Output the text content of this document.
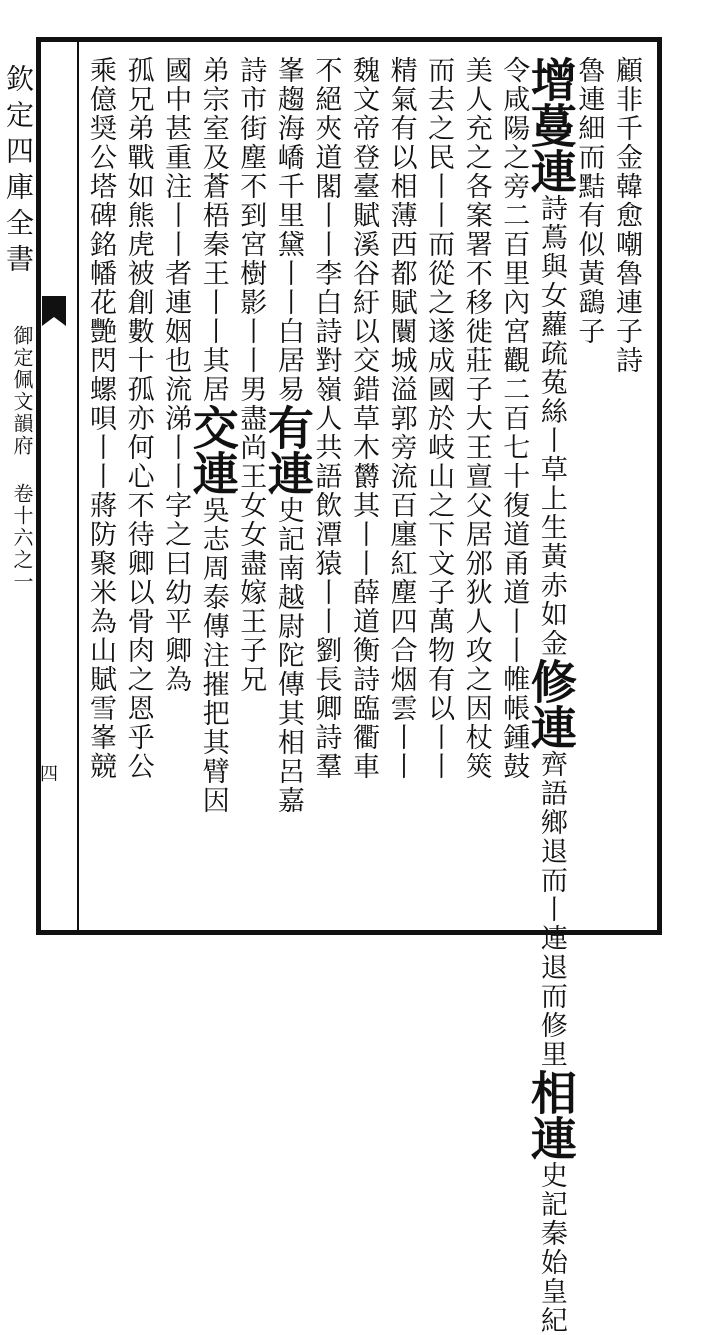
欽定四庫全書
御定佩文韻府 卷十六之一
四
顧非千金韓愈嘲魯連子詩
魯連細而黠有似黃鷂子
增蔓連詩蔦與女蘿疏菟絲丨草上生黃赤如金修連齊語鄉退而丨連退而修里相連史記秦始皇紀
令咸陽之旁二百里內宮觀二百七十復道甬道丨丨帷帳鍾鼓
美人充之各案署不移徙莊子大王亶父居邠狄人攻之因杖筴
而去之民丨丨而從之遂成國於岐山之下文子萬物有以丨丨
精氣有以相薄西都賦闤城溢郭旁流百廛紅塵四合烟雲丨丨
魏文帝登臺賦溪谷紆以交錯草木欝其丨丨薛道衡詩臨衢車
不絕夾道閣丨丨李白詩對嶺人共語飲潭猿丨丨劉長卿詩羣
峯趨海嶠千里黛丨丨白居易有連史記南越尉陀傳其相呂嘉
詩市街塵不到宮樹影丨丨男盡尚王女女盡嫁王子兄
弟宗室及蒼梧秦王丨丨其居交連吳志周泰傳注摧把其臂因
國中甚重注丨丨者連姻也流涕丨丨字之曰幼平卿為
孤兄弟戰如熊虎被創數十孤亦何心不待卿以骨肉之恩乎公
乘億奨公塔碑銘幡花艷閃螺唄丨丨蔣防聚米為山賦雪峯競
